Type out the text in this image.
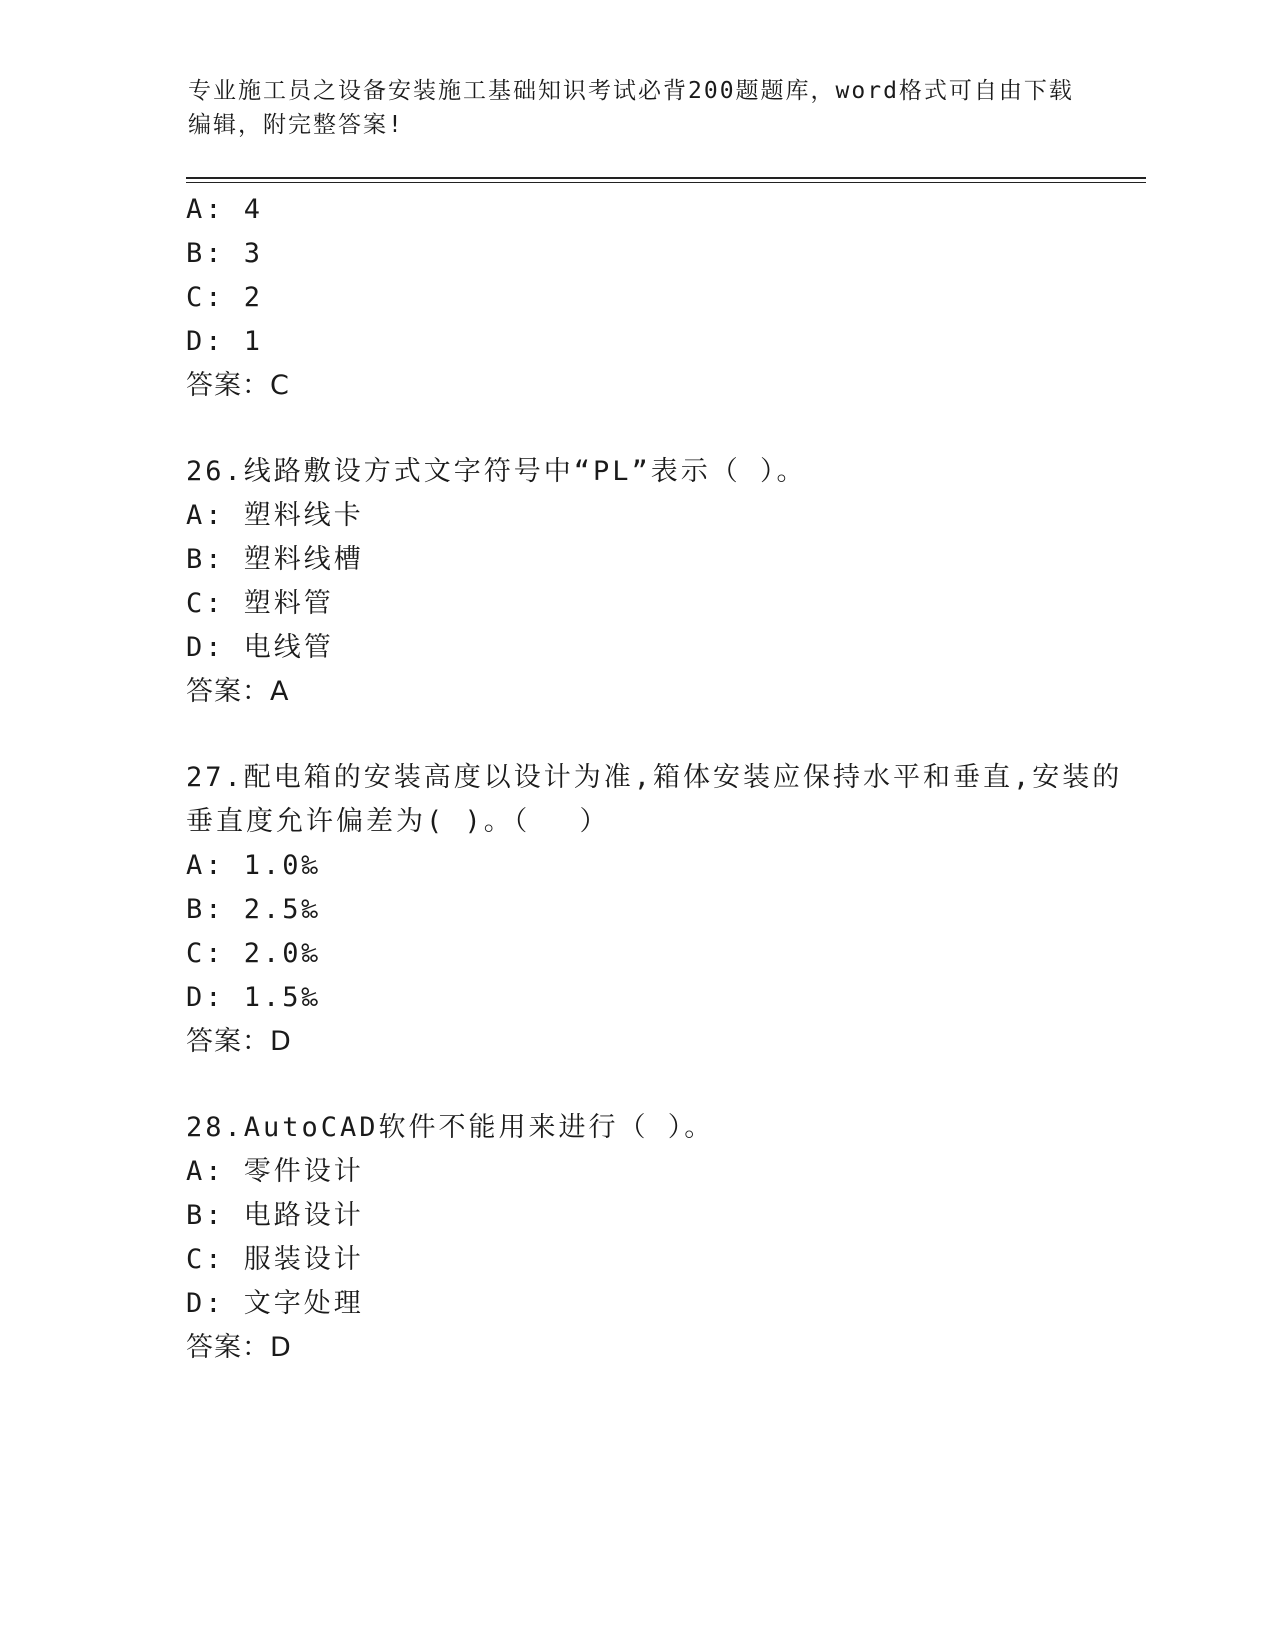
专业施工员之设备安装施工基础知识考试必背200题题库，word格式可自由下载
编辑，附完整答案!
A: 4
B: 3
C: 2
D: 1
答案：C
26.线路敷设方式文字符号中“PL”表示（ ）。
A: 塑料线卡
B: 塑料线槽
C: 塑料管
D: 电线管
答案：A
27.配电箱的安装高度以设计为准,箱体安装应保持水平和垂直,安装的
垂直度允许偏差为( )。（　 ）
A: 1.0‰
B: 2.5‰
C: 2.0‰
D: 1.5‰
答案：D
28.AutoCAD软件不能用来进行（ ）。
A: 零件设计
B: 电路设计
C: 服装设计
D: 文字处理
答案：D
